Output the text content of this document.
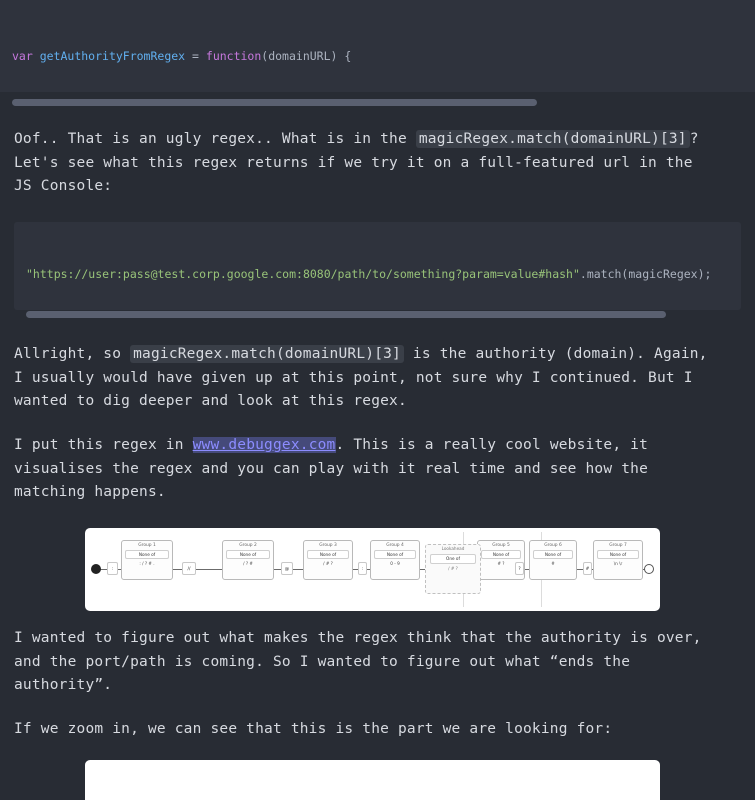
var getAuthorityFromRegex = function(domainURL) {

Oof.. That is an ugly regex.. What is in the magicRegex.match(domainURL)[3] ?
Let's see what this regex returns if we try it on a full-featured url in the
JS Console:

"https://user:pass@test.corp.google.com:8080/path/to/something?param=value#hash".match(magicRegex);

Allright, so magicRegex.match(domainURL)[3] is the authority (domain). Again,
I usually would have given up at this point, not sure why I continued. But I
wanted to dig deeper and look at this regex.
I put this regex in www.debuggex.com. This is a really cool website, it
visualises the regex and you can play with it real time and see how the
matching happens.
Group 1
None of
: / ? # .
Group 2
None of
/ ? #
Group 3
None of
/ # ?
Group 4
None of
0 - 9
Group 5
None of
# ?
Group 6
None of
#
Group 7
None of
\n \r
Lookahead
One of
/ # ?
:	//	@	:	?	#
I wanted to figure out what makes the regex think that the authority is over,
and the port/path is coming. So I wanted to figure out what “ends the
authority”.
If we zoom in, we can see that this is the part we are looking for:
